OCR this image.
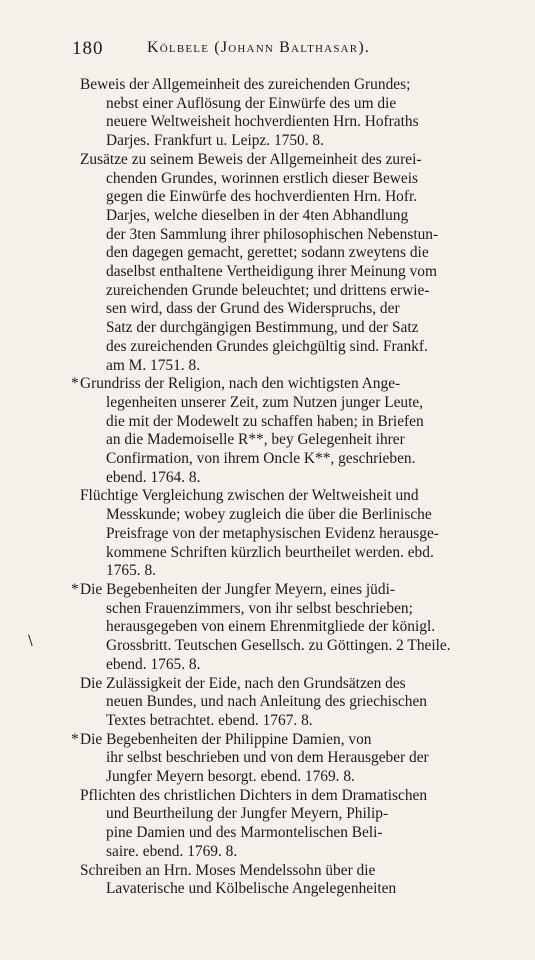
180	Kölbele (Johann Balthasar).
\
Beweis der Allgemeinheit des zureichenden Grundes;
nebst einer Auflösung der Einwürfe des um die
neuere Weltweisheit hochverdienten Hrn. Hofraths
Darjes. Frankfurt u. Leipz. 1750. 8.
Zusätze zu seinem Beweis der Allgemeinheit des zurei-
chenden Grundes, worinnen erstlich dieser Beweis
gegen die Einwürfe des hochverdienten Hrn. Hofr.
Darjes, welche dieselben in der 4ten Abhandlung
der 3ten Sammlung ihrer philosophischen Nebenstun-
den dagegen gemacht, gerettet; sodann zweytens die
daselbst enthaltene Vertheidigung ihrer Meinung vom
zureichenden Grunde beleuchtet; und drittens erwie-
sen wird, dass der Grund des Widerspruchs, der
Satz der durchgängigen Bestimmung, und der Satz
des zureichenden Grundes gleichgültig sind. Frankf.
am M. 1751. 8.
*Grundriss der Religion, nach den wichtigsten Ange-
legenheiten unserer Zeit, zum Nutzen junger Leute,
die mit der Modewelt zu schaffen haben; in Briefen
an die Mademoiselle R**, bey Gelegenheit ihrer
Confirmation, von ihrem Oncle K**, geschrieben.
ebend. 1764. 8.
Flüchtige Vergleichung zwischen der Weltweisheit und
Messkunde; wobey zugleich die über die Berlinische
Preisfrage von der metaphysischen Evidenz herausge-
kommene Schriften kürzlich beurtheilet werden. ebd.
1765. 8.
*Die Begebenheiten der Jungfer Meyern, eines jüdi-
schen Frauenzimmers, von ihr selbst beschrieben;
herausgegeben von einem Ehrenmitgliede der königl.
Grossbritt. Teutschen Gesellsch. zu Göttingen. 2 Theile.
ebend. 1765. 8.
Die Zulässigkeit der Eide, nach den Grundsätzen des
neuen Bundes, und nach Anleitung des griechischen
Textes betrachtet. ebend. 1767. 8.
*Die Begebenheiten der Philippine Damien, von
ihr selbst beschrieben und von dem Herausgeber der
Jungfer Meyern besorgt. ebend. 1769. 8.
Pflichten des christlichen Dichters in dem Dramatischen
und Beurtheilung der Jungfer Meyern, Philip-
pine Damien und des Marmontelischen Beli-
saire. ebend. 1769. 8.
Schreiben an Hrn. Moses Mendelssohn über die
Lavaterische und Kölbelische Angelegenheiten
